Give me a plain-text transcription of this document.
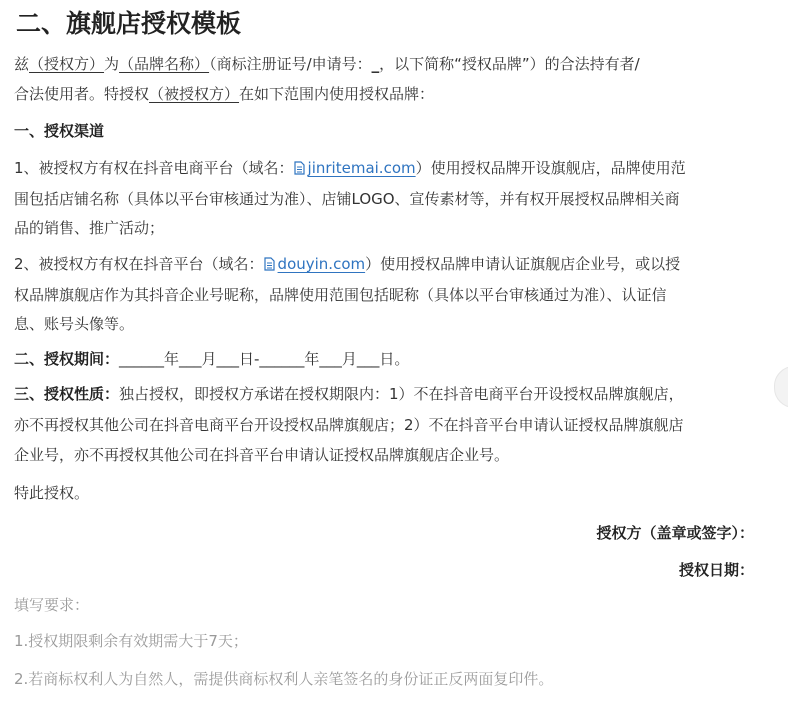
二、旗舰店授权模板
兹（授权方）为（品牌名称）（商标注册证号/申请号：_，以下简称“授权品牌”）的合法持有者/
合法使用者。特授权（被授权方）在如下范围内使用授权品牌：
一、授权渠道
1、被授权方有权在抖音电商平台（域名： jinritemai.com）使用授权品牌开设旗舰店，品牌使用范
围包括店铺名称（具体以平台审核通过为准）、店铺LOGO、宣传素材等，并有权开展授权品牌相关商
品的销售、推广活动；
2、被授权方有权在抖音平台（域名： douyin.com）使用授权品牌申请认证旗舰店企业号，或以授
权品牌旗舰店作为其抖音企业号昵称，品牌使用范围包括昵称（具体以平台审核通过为准）、认证信
息、账号头像等。
二、授权期间：______年___月___日-______年___月___日。
三、授权性质：独占授权，即授权方承诺在授权期限内：1）不在抖音电商平台开设授权品牌旗舰店，
亦不再授权其他公司在抖音电商平台开设授权品牌旗舰店；2）不在抖音平台申请认证授权品牌旗舰店
企业号，亦不再授权其他公司在抖音平台申请认证授权品牌旗舰店企业号。
特此授权。
授权方（盖章或签字）：
授权日期：
填写要求：
1.授权期限剩余有效期需大于7天；
2.若商标权利人为自然人，需提供商标权利人亲笔签名的身份证正反两面复印件。
